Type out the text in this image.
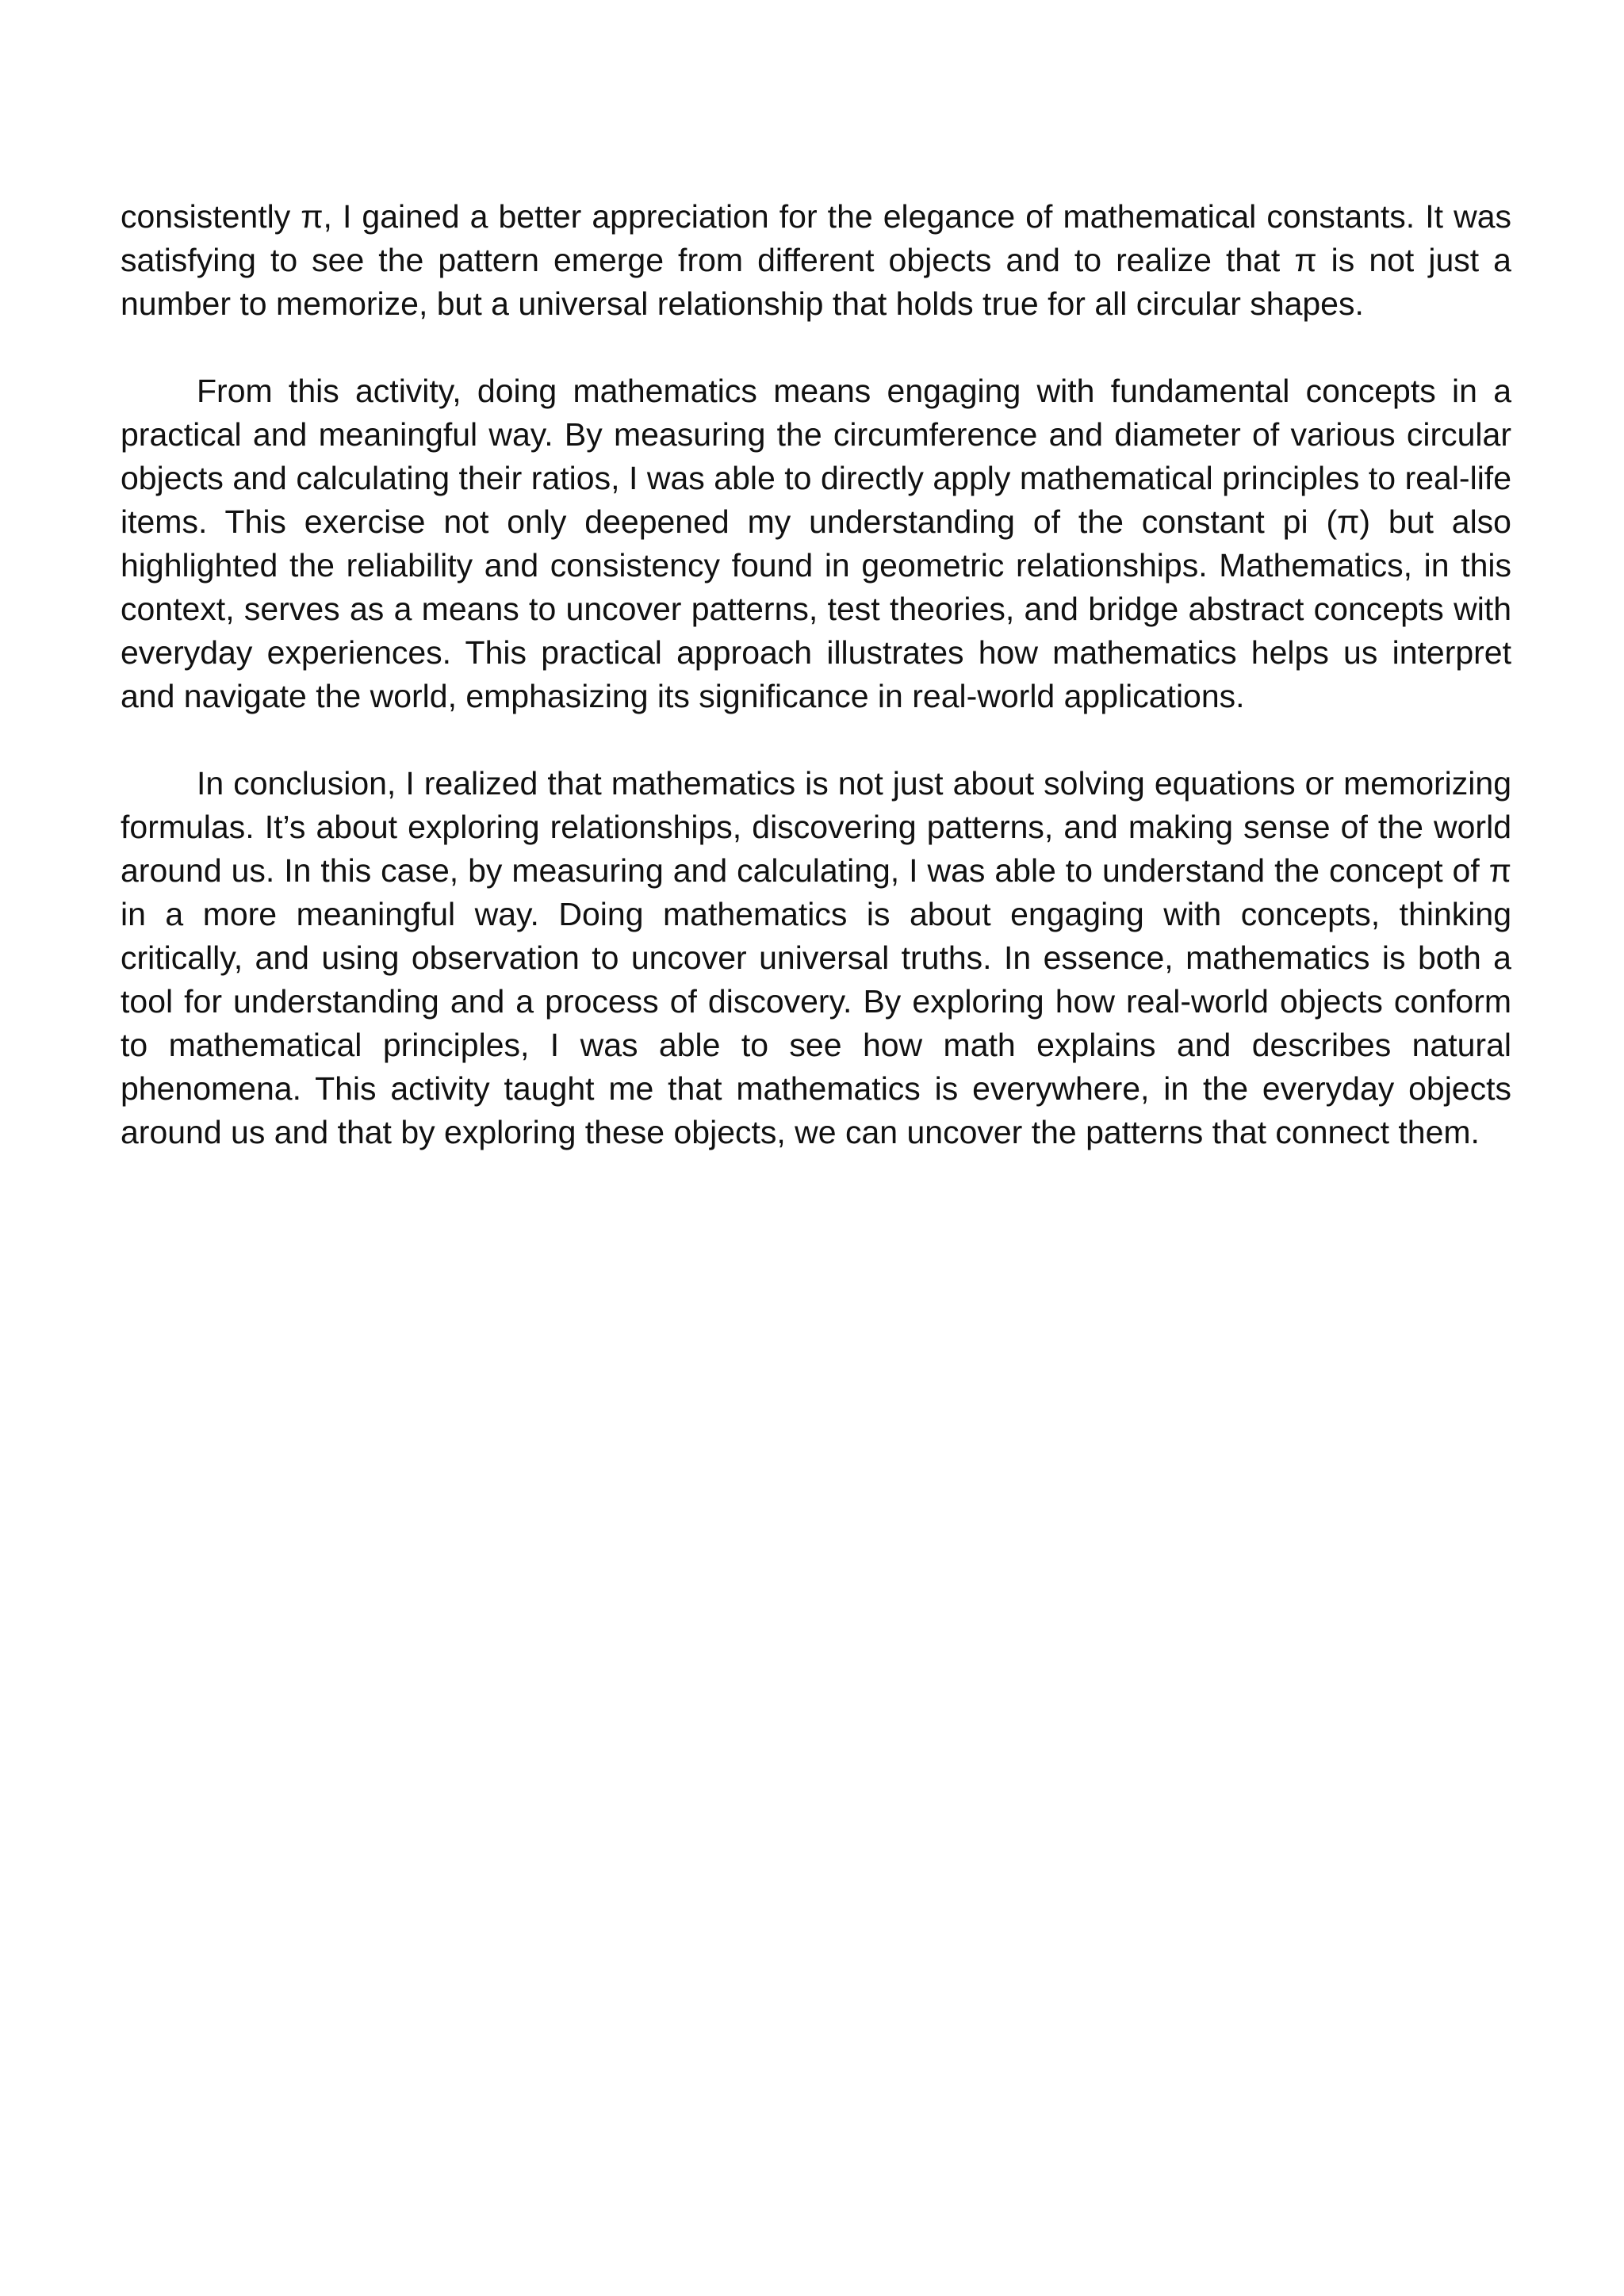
consistently π, I gained a better appreciation for the elegance of mathematical constants. It was satisfying to see the pattern emerge from different objects and to realize that π is not just a number to memorize, but a universal relationship that holds true for all circular shapes.

From this activity, doing mathematics means engaging with fundamental concepts in a practical and meaningful way. By measuring the circumference and diameter of various circular objects and calculating their ratios, I was able to directly apply mathematical principles to real-life items. This exercise not only deepened my understanding of the constant pi (π) but also highlighted the reliability and consistency found in geometric relationships. Mathematics, in this context, serves as a means to uncover patterns, test theories, and bridge abstract concepts with everyday experiences. This practical approach illustrates how mathematics helps us interpret and navigate the world, emphasizing its significance in real-world applications.

In conclusion, I realized that mathematics is not just about solving equations or memorizing formulas. It’s about exploring relationships, discovering patterns, and making sense of the world around us. In this case, by measuring and calculating, I was able to understand the concept of π in a more meaningful way. Doing mathematics is about engaging with concepts, thinking critically, and using observation to uncover universal truths. In essence, mathematics is both a tool for understanding and a process of discovery. By exploring how real-world objects conform to mathematical principles, I was able to see how math explains and describes natural phenomena. This activity taught me that mathematics is everywhere, in the everyday objects around us and that by exploring these objects, we can uncover the patterns that connect them.
